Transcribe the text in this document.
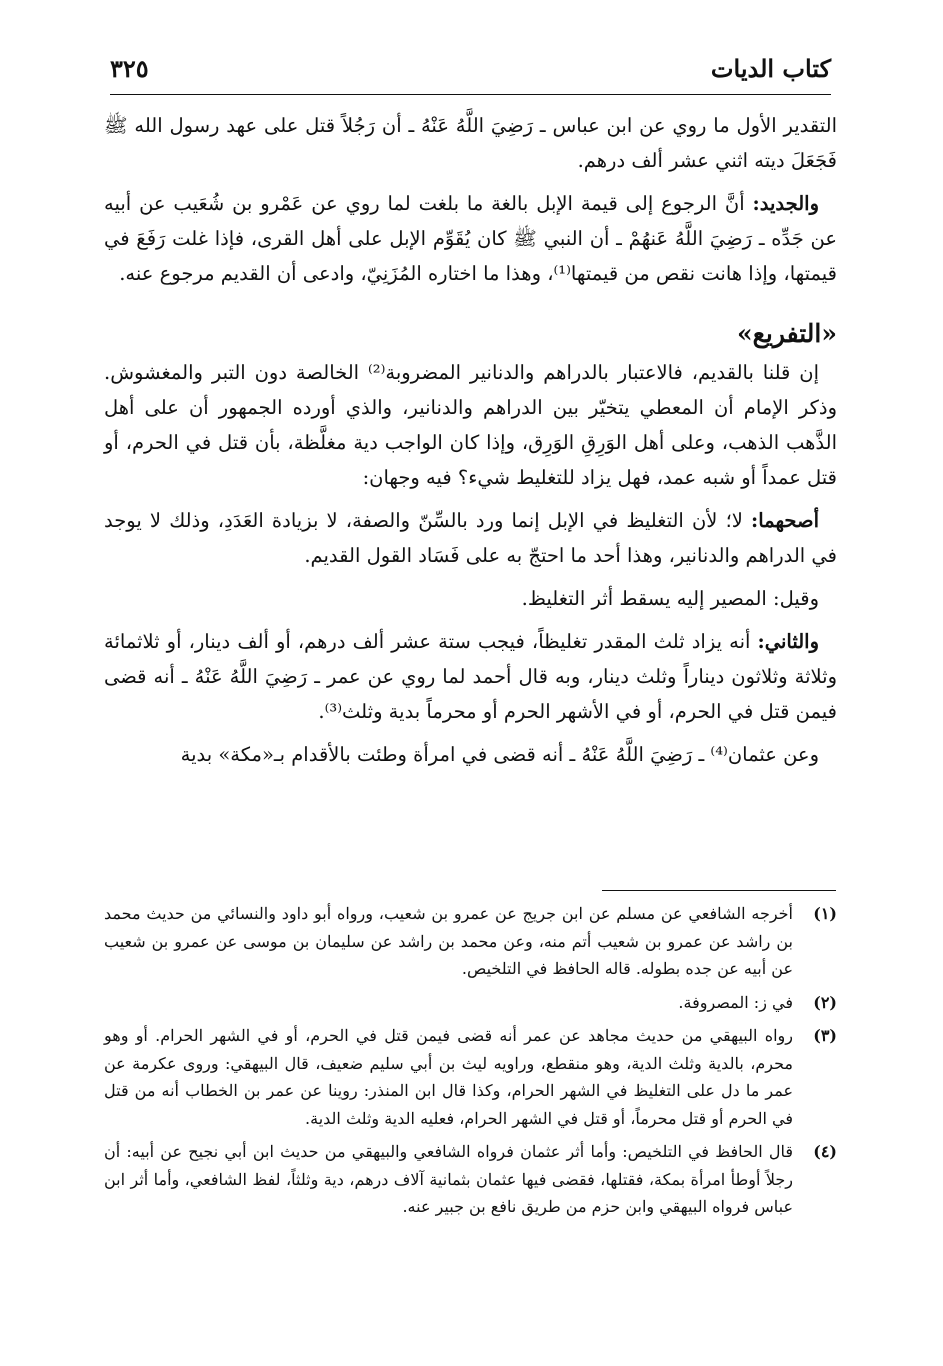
كتاب الديات
٣٢٥

التقدير الأول ما روي عن ابن عباس ـ رَضِيَ اللَّهُ عَنْهُ ـ أن رَجُلاً قتل على عهد رسول الله ﷺ فَجَعَلَ ديته اثني عشر ألف درهم.

والجديد: أنَّ الرجوع إلى قيمة الإبل بالغة ما بلغت لما روي عن عَمْرو بن شُعَيب عن أبيه عن جَدِّه ـ رَضِيَ اللَّهُ عَنهُمْ ـ أن النبي ﷺ كان يُقَوِّم الإبل على أهل القرى، فإذا غلت رَفَعَ في قيمتها، وإذا هانت نقص من قيمتها⁽¹⁾، وهذا ما اختاره المُزَنِيّ، وادعى أن القديم مرجوع عنه.

«التفريع»

إن قلنا بالقديم، فالاعتبار بالدراهم والدنانير المضروبة⁽²⁾ الخالصة دون التبر والمغشوش. وذكر الإمام أن المعطي يتخيّر بين الدراهم والدنانير، والذي أورده الجمهور أن على أهل الذَّهب الذهب، وعلى أهل الوَرِقِ الوَرِق، وإذا كان الواجب دية مغلَّظة، بأن قتل في الحرم، أو قتل عمداً أو شبه عمد، فهل يزاد للتغليط شيء؟ فيه وجهان:

أصحهما: لا؛ لأن التغليظ في الإبل إنما ورد بالسِّنّ والصفة، لا بزيادة العَدَدِ، وذلك لا يوجد في الدراهم والدنانير، وهذا أحد ما احتجّ به على فَسَاد القول القديم.

وقيل: المصير إليه يسقط أثر التغليظ.

والثاني: أنه يزاد ثلث المقدر تغليظاً، فيجب ستة عشر ألف درهم، أو ألف دينار، أو ثلاثمائة وثلاثة وثلاثون ديناراً وثلث دينار، وبه قال أحمد لما روي عن عمر ـ رَضِيَ اللَّهُ عَنْهُ ـ أنه قضى فيمن قتل في الحرم، أو في الأشهر الحرم أو محرماً بدية وثلث⁽³⁾.

وعن عثمان⁽⁴⁾ ـ رَضِيَ اللَّهُ عَنْهُ ـ أنه قضى في امرأة وطئت بالأقدام بـ«مكة» بدية

(١)
أخرجه الشافعي عن مسلم عن ابن جريج عن عمرو بن شعيب، ورواه أبو داود والنسائي من حديث محمد بن راشد عن عمرو بن شعيب أتم منه، وعن محمد بن راشد عن سليمان بن موسى عن عمرو بن شعيب عن أبيه عن جده بطوله. قاله الحافظ في التلخيص.
(٢)
في ز: المصروفة.
(٣)
رواه البيهقي من حديث مجاهد عن عمر أنه قضى فيمن قتل في الحرم، أو في الشهر الحرام. أو وهو محرم، بالدية وثلث الدية، وهو منقطع، وراويه ليث بن أبي سليم ضعيف، قال البيهقي: وروى عكرمة عن عمر ما دل على التغليظ في الشهر الحرام، وكذا قال ابن المنذر: روينا عن عمر بن الخطاب أنه من قتل في الحرم أو قتل محرماً، أو قتل في الشهر الحرام، فعليه الدية وثلث الدية.
(٤)
قال الحافظ في التلخيص: وأما أثر عثمان فرواه الشافعي والبيهقي من حديث ابن أبي نجيح عن أبيه: أن رجلاً أوطأ امرأة بمكة، فقتلها، فقضى فيها عثمان بثمانية آلاف درهم، دية وثلثاً، لفظ الشافعي، وأما أثر ابن عباس فرواه البيهقي وابن حزم من طريق نافع بن جبير عنه.
